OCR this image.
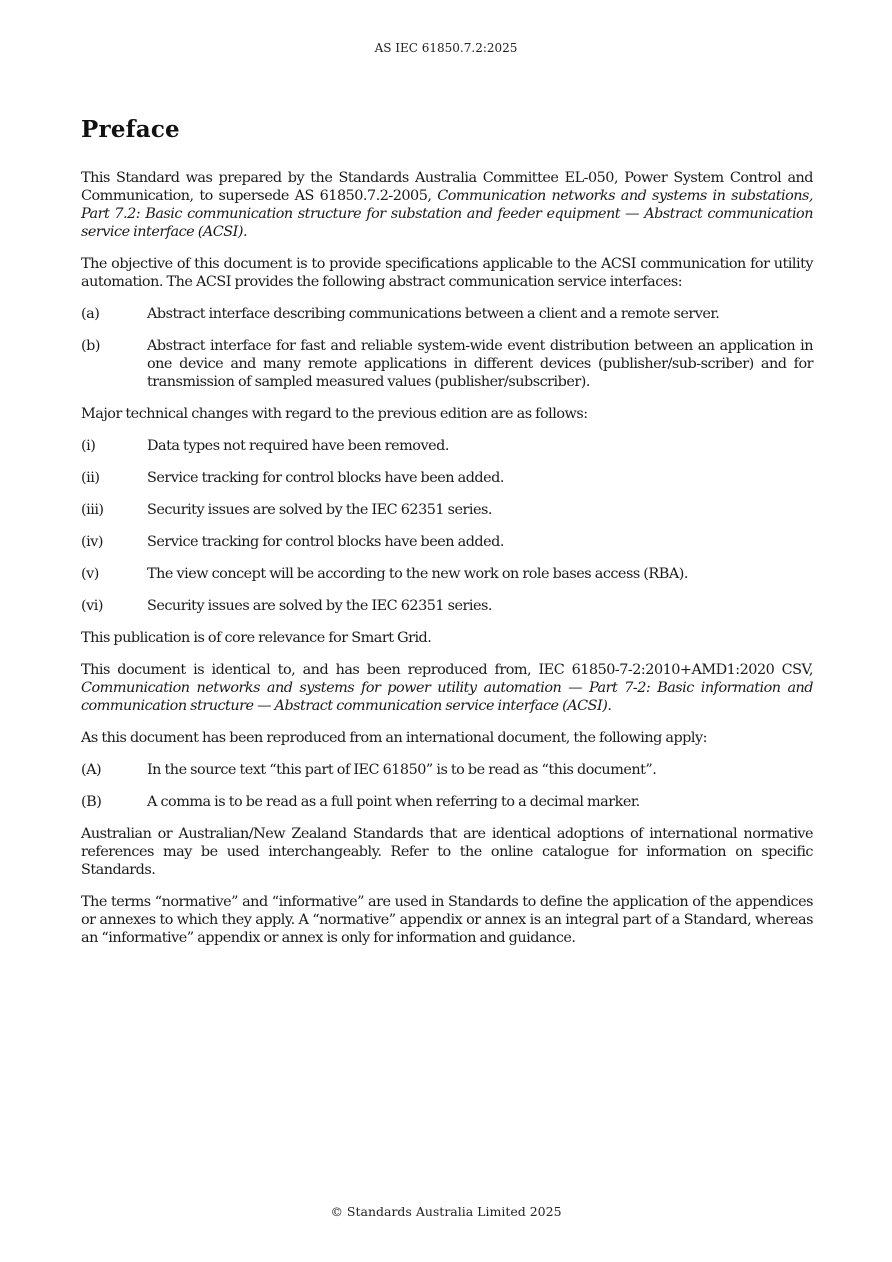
AS IEC 61850.7.2:2025
Preface

This Standard was prepared by the Standards Australia Committee EL-050, Power System Control and Communication, to supersede AS 61850.7.2-2005, Communication networks and systems in substations, Part 7.2: Basic communication structure for substation and feeder equipment — Abstract communication service interface (ACSI).

The objective of this document is to provide specifications applicable to the ACSI communication for utility automation. The ACSI provides the following abstract communication service interfaces:

(a)	Abstract interface describing communications between a client and a remote server.
(b)	Abstract interface for fast and reliable system-wide event distribution between an application in one device and many remote applications in different devices (publisher/sub-scriber) and for transmission of sampled measured values (publisher/subscriber).

Major technical changes with regard to the previous edition are as follows:

(i)	Data types not required have been removed.
(ii)	Service tracking for control blocks have been added.
(iii)	Security issues are solved by the IEC 62351 series.
(iv)	Service tracking for control blocks have been added.
(v)	The view concept will be according to the new work on role bases access (RBA).
(vi)	Security issues are solved by the IEC 62351 series.

This publication is of core relevance for Smart Grid.

This document is identical to, and has been reproduced from, IEC 61850-7-2:2010+AMD1:2020 CSV, Communication networks and systems for power utility automation — Part 7-2: Basic information and communication structure — Abstract communication service interface (ACSI).

As this document has been reproduced from an international document, the following apply:

(A)	In the source text “this part of IEC 61850” is to be read as “this document”.
(B)	A comma is to be read as a full point when referring to a decimal marker.

Australian or Australian/New Zealand Standards that are identical adoptions of international normative references may be used interchangeably. Refer to the online catalogue for information on specific Standards.

The terms “normative” and “informative” are used in Standards to define the application of the appendices or annexes to which they apply. A “normative” appendix or annex is an integral part of a Standard, whereas an “informative” appendix or annex is only for information and guidance.

© Standards Australia Limited 2025
